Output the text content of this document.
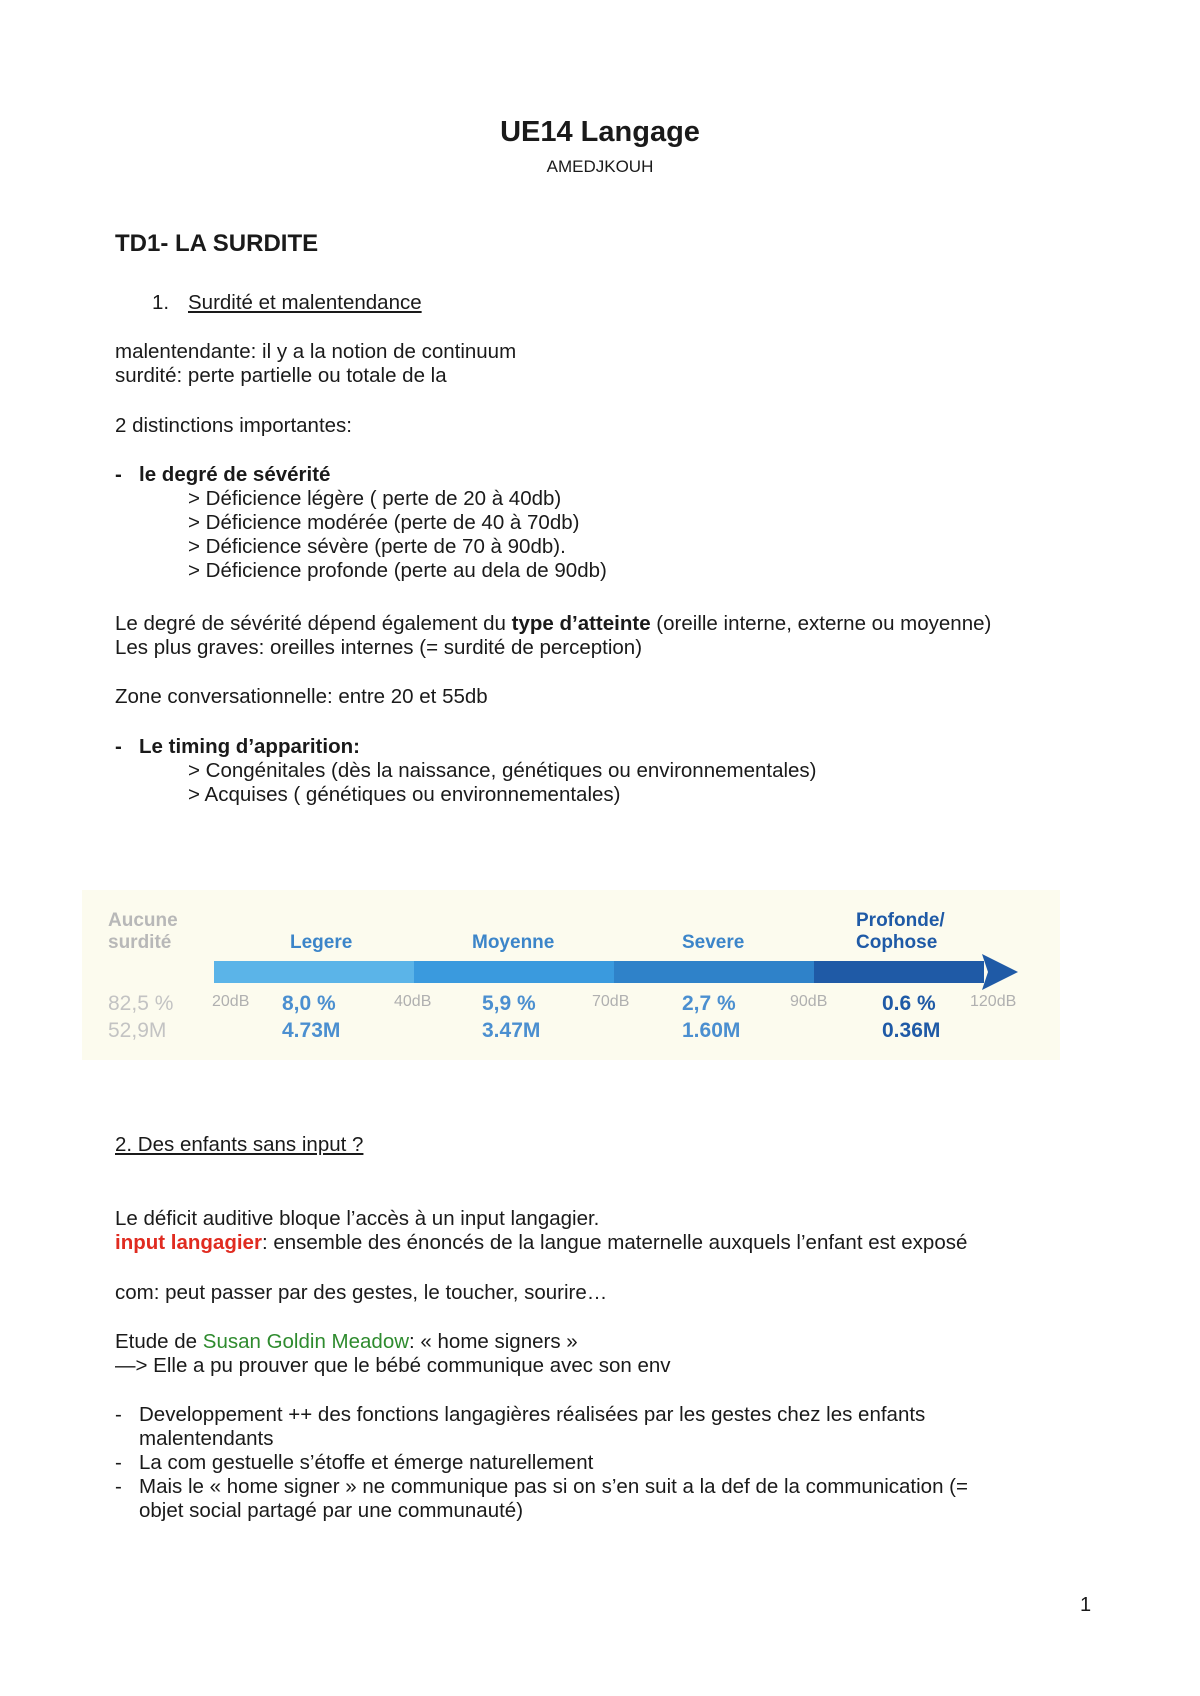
UE14 Langage
AMEDJKOUH
TD1- LA SURDITE
1. Surdité et malentendance
malentendante: il y a la notion de continuum
surdité: perte partielle ou totale de la
2 distinctions importantes:
- le degré de sévérité
> Déficience légère ( perte de 20 à 40db)
> Déficience modérée (perte de 40 à 70db)
> Déficience sévère (perte de 70 à 90db).
> Déficience profonde (perte au dela de 90db)
Le degré de sévérité dépend également du type d’atteinte (oreille interne, externe ou moyenne)
Les plus graves: oreilles internes (= surdité de perception)
Zone conversationnelle: entre 20 et 55db
- Le timing d’apparition:
> Congénitales (dès la naissance, génétiques ou environnementales)
> Acquises ( génétiques ou environnementales)
Aucune
surdité	Legere	Moyenne	Severe
Profonde/
Cophose
82,5 %
52,9M
8,0 %
4.73M
5,9 %
3.47M
2,7 %
1.60M
0.6 %
0.36M
20dB	40dB	70dB	90dB	120dB
2. Des enfants sans input ?
Le déficit auditive bloque l’accès à un input langagier.
input langagier: ensemble des énoncés de la langue maternelle auxquels l’enfant est exposé
com: peut passer par des gestes, le toucher, sourire…
Etude de Susan Goldin Meadow: « home signers »
—> Elle a pu prouver que le bébé communique avec son env
- Developpement ++ des fonctions langagières réalisées par les gestes chez les enfants
malentendants
- La com gestuelle s’étoffe et émerge naturellement
- Mais le « home signer » ne communique pas si on s’en suit a la def de la communication (=
objet social partagé par une communauté)
1
